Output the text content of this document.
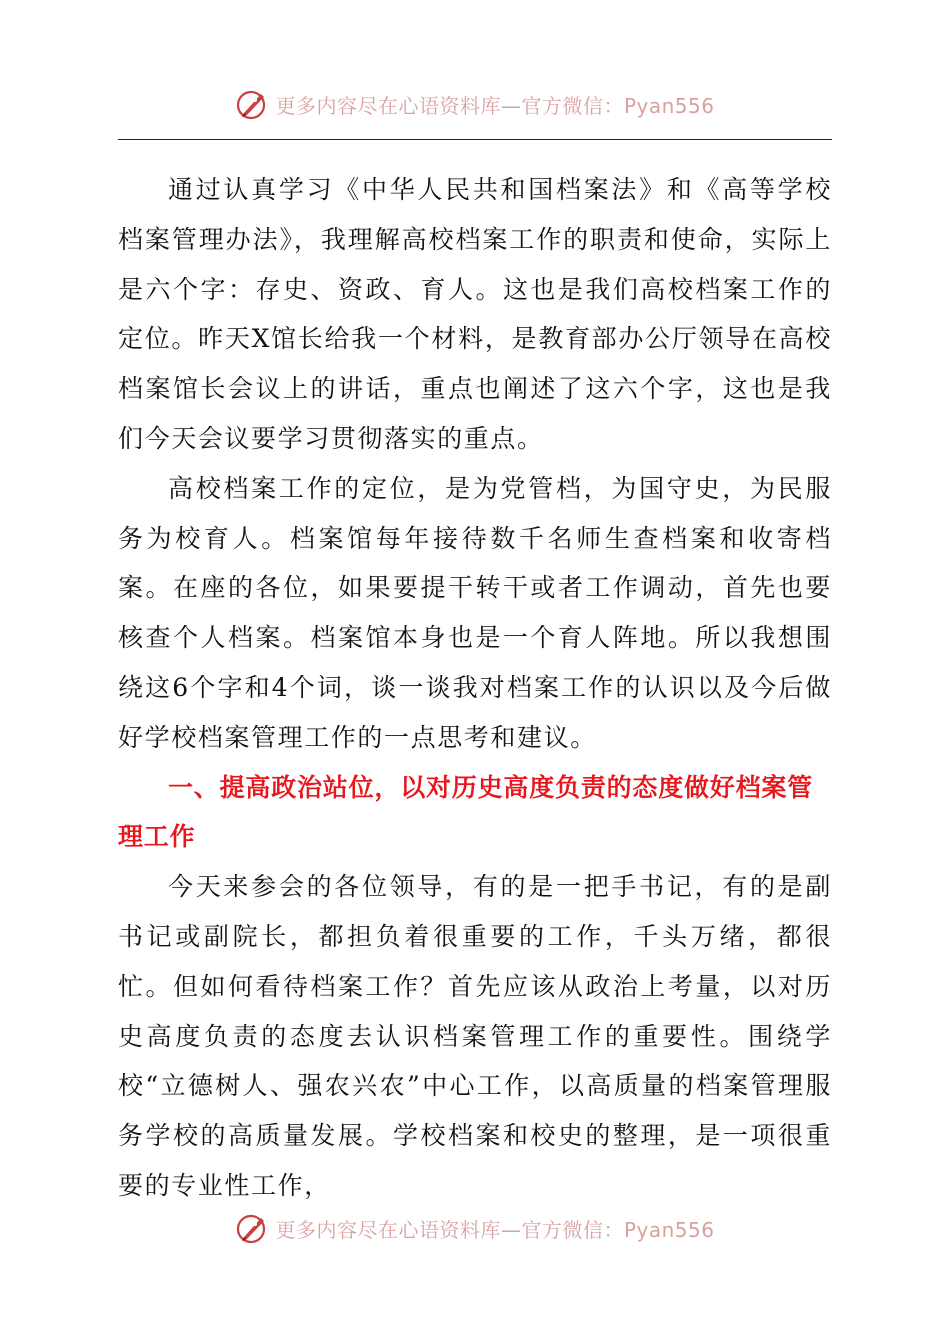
更多内容尽在心语资料库—官方微信：Pyan556

通过认真学习《中华人民共和国档案法》和《高等学校档案管理办法》，我理解高校档案工作的职责和使命，实际上是六个字：存史、资政、育人。这也是我们高校档案工作的定位。昨天X馆长给我一个材料，是教育部办公厅领导在高校档案馆长会议上的讲话，重点也阐述了这六个字，这也是我们今天会议要学习贯彻落实的重点。

高校档案工作的定位，是为党管档，为国守史，为民服务为校育人。档案馆每年接待数千名师生查档案和收寄档案。在座的各位，如果要提干转干或者工作调动，首先也要核查个人档案。档案馆本身也是一个育人阵地。所以我想围绕这6个字和4个词，谈一谈我对档案工作的认识以及今后做好学校档案管理工作的一点思考和建议。

一、提高政治站位，以对历史高度负责的态度做好档案管理工作

今天来参会的各位领导，有的是一把手书记，有的是副书记或副院长，都担负着很重要的工作，千头万绪，都很忙。但如何看待档案工作？首先应该从政治上考量，以对历史高度负责的态度去认识档案管理工作的重要性。围绕学校“立德树人、强农兴农”中心工作，以高质量的档案管理服务学校的高质量发展。学校档案和校史的整理，是一项很重要的专业性工作，

更多内容尽在心语资料库—官方微信：Pyan556
